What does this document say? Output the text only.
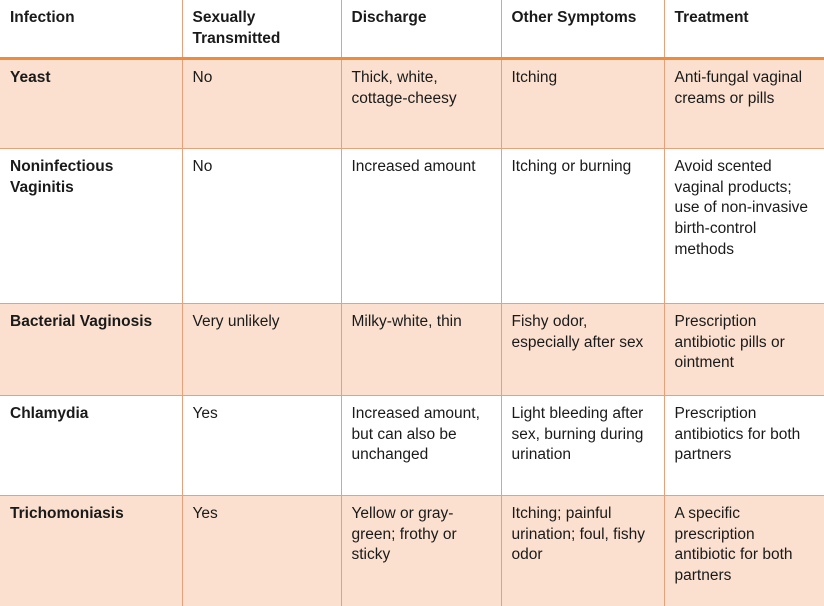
Infection	Sexually Transmitted	Discharge	Other Symptoms	Treatment
Yeast	No	Thick, white, cottage-cheesy	Itching	Anti-fungal vaginal creams or pills
Noninfectious Vaginitis	No	Increased amount	Itching or burning	Avoid scented vaginal products; use of non-invasive birth-control methods
Bacterial Vaginosis	Very unlikely	Milky-white, thin	Fishy odor, especially after sex	Prescription antibiotic pills or ointment
Chlamydia	Yes	Increased amount, but can also be unchanged	Light bleeding after sex, burning during urination	Prescription antibiotics for both partners
Trichomoniasis	Yes	Yellow or gray-green; frothy or sticky	Itching; painful urination; foul, fishy odor	A specific prescription antibiotic for both partners
